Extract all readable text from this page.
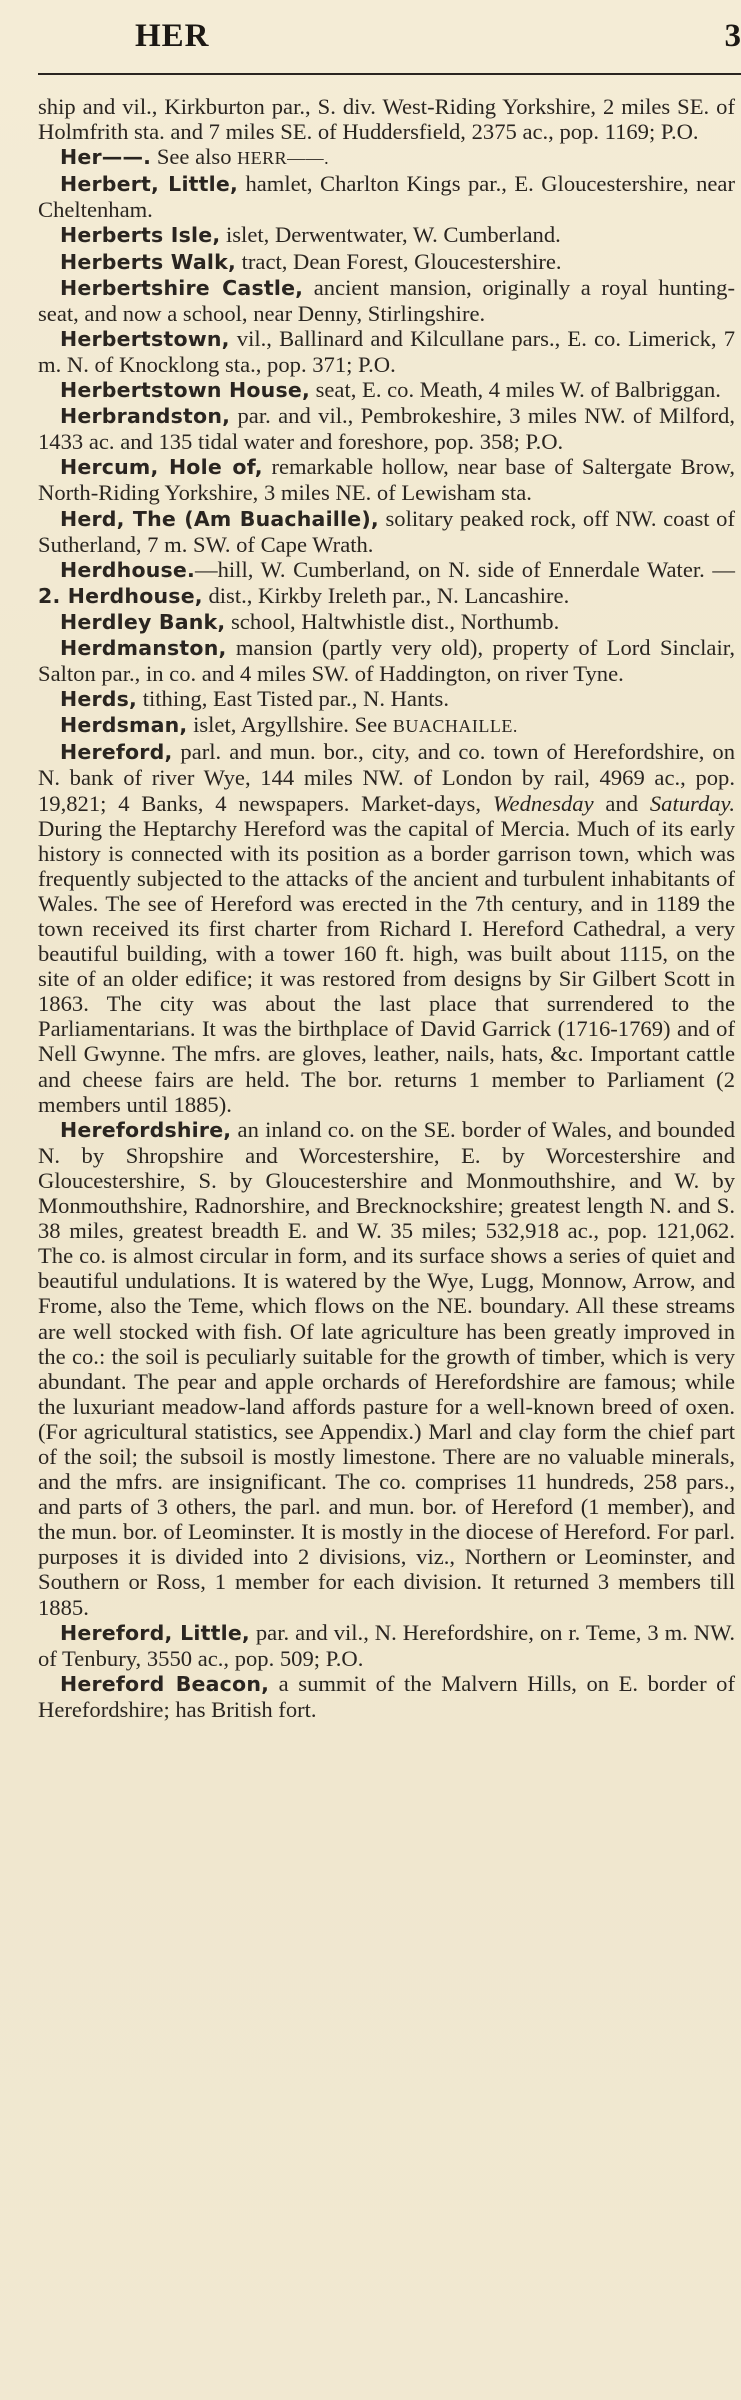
HER	3

ship and vil., Kirkburton par., S. div. West-Riding Yorkshire, 2 miles SE. of Holmfrith sta. and 7 miles SE. of Huddersfield, 2375 ac., pop. 1169; P.O.

Her——. See also HERR——.

Herbert, Little, hamlet, Charlton Kings par., E. Gloucestershire, near Cheltenham.

Herberts Isle, islet, Derwentwater, W. Cumberland.

Herberts Walk, tract, Dean Forest, Gloucestershire.

Herbertshire Castle, ancient mansion, originally a royal hunting-seat, and now a school, near Denny, Stirlingshire.

Herbertstown, vil., Ballinard and Kilcullane pars., E. co. Limerick, 7 m. N. of Knocklong sta., pop. 371; P.O.

Herbertstown House, seat, E. co. Meath, 4 miles W. of Balbriggan.

Herbrandston, par. and vil., Pembrokeshire, 3 miles NW. of Milford, 1433 ac. and 135 tidal water and foreshore, pop. 358; P.O.

Hercum, Hole of, remarkable hollow, near base of Saltergate Brow, North-Riding Yorkshire, 3 miles NE. of Lewisham sta.

Herd, The (Am Buachaille), solitary peaked rock, off NW. coast of Sutherland, 7 m. SW. of Cape Wrath.

Herdhouse.—hill, W. Cumberland, on N. side of Ennerdale Water. —2. Herdhouse, dist., Kirkby Ireleth par., N. Lancashire.

Herdley Bank, school, Haltwhistle dist., Northumb.

Herdmanston, mansion (partly very old), property of Lord Sinclair, Salton par., in co. and 4 miles SW. of Haddington, on river Tyne.

Herds, tithing, East Tisted par., N. Hants.

Herdsman, islet, Argyllshire. See BUACHAILLE.

Hereford, parl. and mun. bor., city, and co. town of Herefordshire, on N. bank of river Wye, 144 miles NW. of London by rail, 4969 ac., pop. 19,821; 4 Banks, 4 newspapers. Market-days, Wednesday and Saturday. During the Heptarchy Hereford was the capital of Mercia. Much of its early history is connected with its position as a border garrison town, which was frequently subjected to the attacks of the ancient and turbulent inhabitants of Wales. The see of Hereford was erected in the 7th century, and in 1189 the town received its first charter from Richard I. Hereford Cathedral, a very beautiful building, with a tower 160 ft. high, was built about 1115, on the site of an older edifice; it was restored from designs by Sir Gilbert Scott in 1863. The city was about the last place that surrendered to the Parliamentarians. It was the birthplace of David Garrick (1716-1769) and of Nell Gwynne. The mfrs. are gloves, leather, nails, hats, &c. Important cattle and cheese fairs are held. The bor. returns 1 member to Parliament (2 members until 1885).

Herefordshire, an inland co. on the SE. border of Wales, and bounded N. by Shropshire and Worcestershire, E. by Worcestershire and Gloucestershire, S. by Gloucestershire and Monmouthshire, and W. by Monmouthshire, Radnorshire, and Brecknockshire; greatest length N. and S. 38 miles, greatest breadth E. and W. 35 miles; 532,918 ac., pop. 121,062. The co. is almost circular in form, and its surface shows a series of quiet and beautiful undulations. It is watered by the Wye, Lugg, Monnow, Arrow, and Frome, also the Teme, which flows on the NE. boundary. All these streams are well stocked with fish. Of late agriculture has been greatly improved in the co.: the soil is peculiarly suitable for the growth of timber, which is very abundant. The pear and apple orchards of Herefordshire are famous; while the luxuriant meadow-land affords pasture for a well-known breed of oxen. (For agricultural statistics, see Appendix.) Marl and clay form the chief part of the soil; the subsoil is mostly limestone. There are no valuable minerals, and the mfrs. are insignificant. The co. comprises 11 hundreds, 258 pars., and parts of 3 others, the parl. and mun. bor. of Hereford (1 member), and the mun. bor. of Leominster. It is mostly in the diocese of Hereford. For parl. purposes it is divided into 2 divisions, viz., Northern or Leominster, and Southern or Ross, 1 member for each division. It returned 3 members till 1885.

Hereford, Little, par. and vil., N. Herefordshire, on r. Teme, 3 m. NW. of Tenbury, 3550 ac., pop. 509; P.O.

Hereford Beacon, a summit of the Malvern Hills, on E. border of Herefordshire; has British fort.
